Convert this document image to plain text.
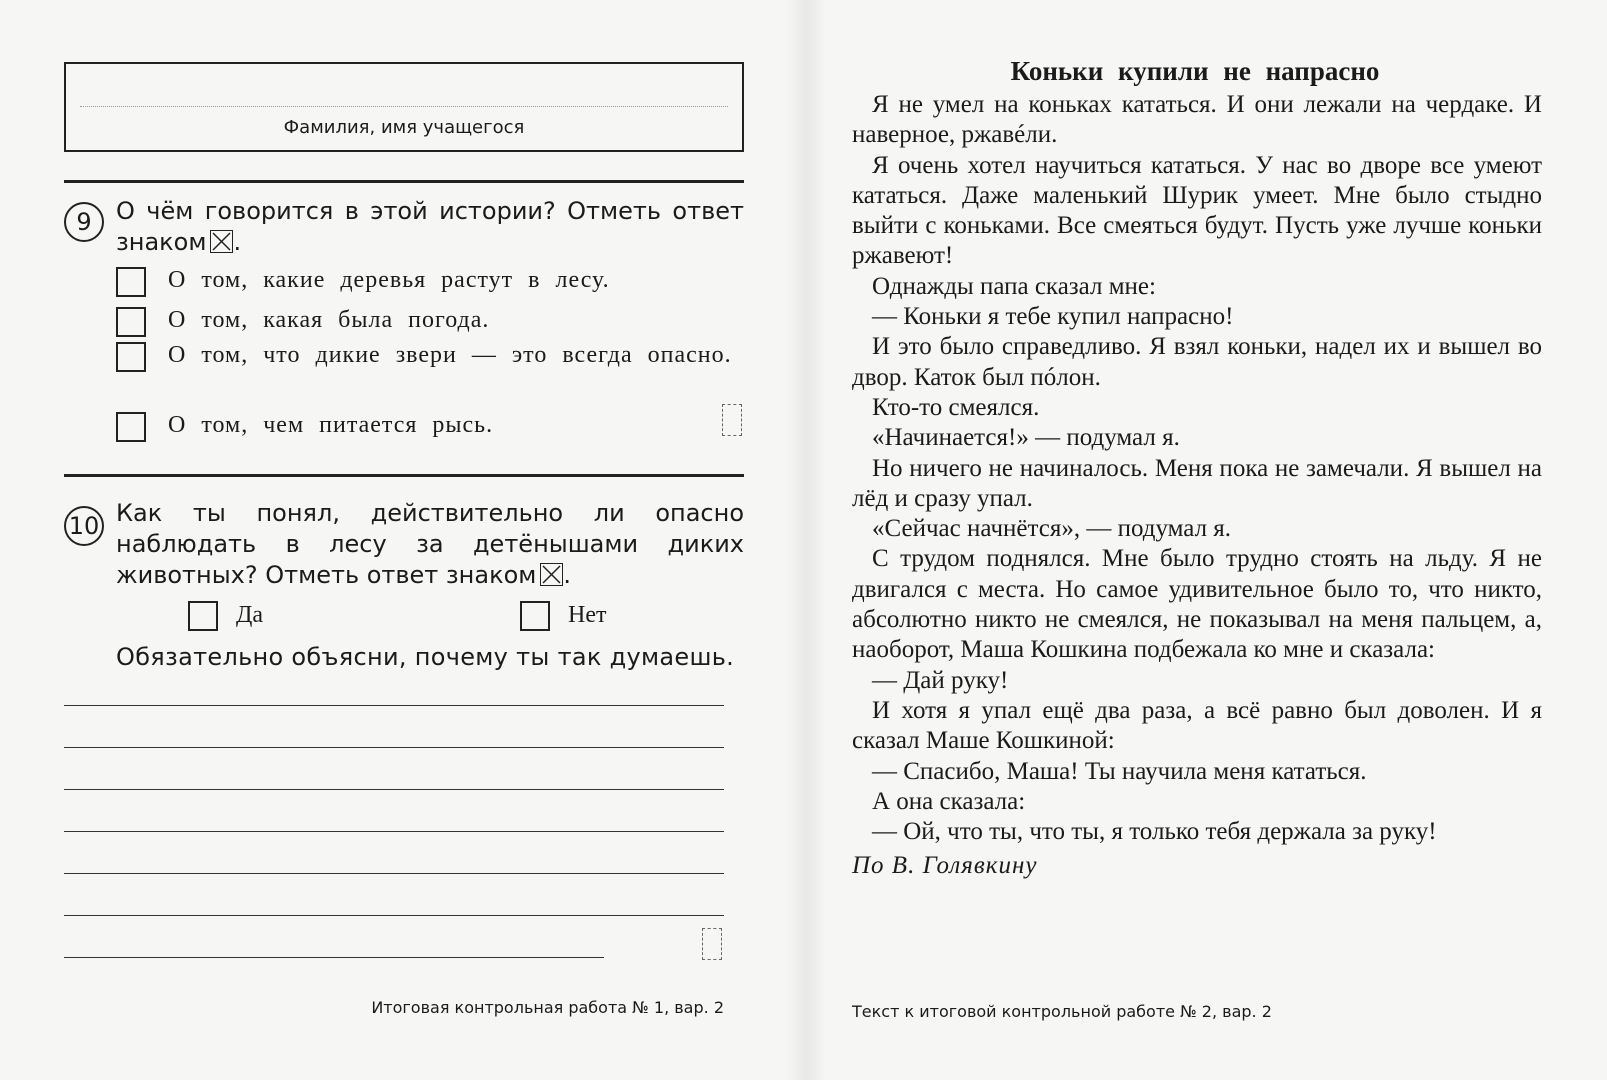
Фамилия, имя учащегося
9	О чём говорится в этой истории? Отметь ответ знаком .
О том, какие деревья растут в лесу.
О том, какая была погода.
О том, что дикие звери — это всегда опасно.
О том, чем питается рысь.
10 Как ты понял, действительно ли опасно наблюдать в лесу за детёнышами диких животных? Отметь ответ знаком .
Да	Нет
Обязательно объясни, почему ты так думаешь.
Итоговая контрольная работа № 1, вар. 2
Коньки купили не напрасно

Я не умел на коньках кататься. И они лежали на чердаке. И наверное, ржавéли.

Я очень хотел научиться кататься. У нас во дворе все умеют кататься. Даже маленький Шурик умеет. Мне было стыдно выйти с коньками. Все смеяться будут. Пусть уже лучше коньки ржавеют!

Однажды папа сказал мне:

— Коньки я тебе купил напрасно!

И это было справедливо. Я взял коньки, надел их и вышел во двор. Каток был пóлон.

Кто-то смеялся.

«Начинается!» — подумал я.

Но ничего не начиналось. Меня пока не замечали. Я вышел на лёд и сразу упал.

«Сейчас начнётся», — подумал я.

С трудом поднялся. Мне было трудно стоять на льду. Я не двигался с места. Но самое удивительное было то, что никто, абсолютно никто не смеялся, не показывал на меня пальцем, а, наоборот, Маша Кошкина подбежала ко мне и сказала:

— Дай руку!

И хотя я упал ещё два раза, а всё равно был доволен. И я сказал Маше Кошкиной:

— Спасибо, Маша! Ты научила меня кататься.

А она сказала:

— Ой, что ты, что ты, я только тебя держала за руку!

По В. Голявкину

Текст к итоговой контрольной работе № 2, вар. 2
